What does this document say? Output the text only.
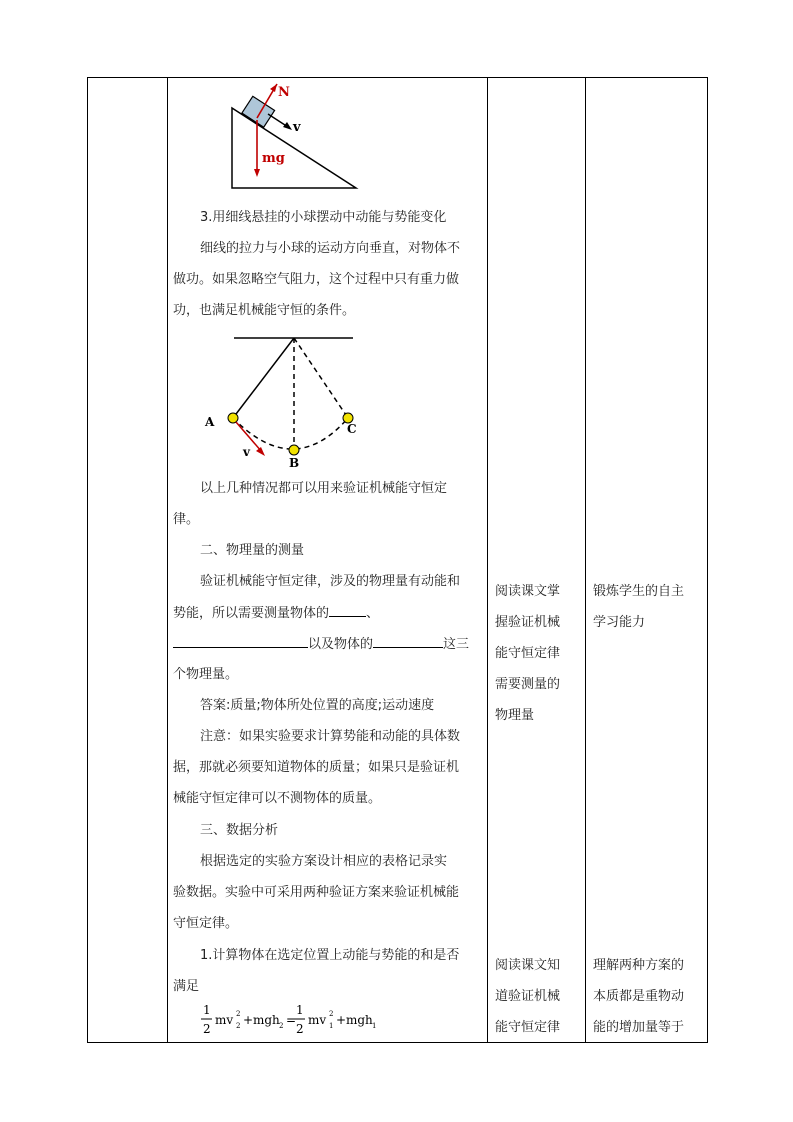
N
v
mg
3.用细线悬挂的小球摆动中动能与势能变化
细线的拉力与小球的运动方向垂直，对物体不
做功。如果忽略空气阻力，这个过程中只有重力做
功，也满足机械能守恒的条件。
A
B
C
v
以上几种情况都可以用来验证机械能守恒定
律。
二、物理量的测量
验证机械能守恒定律，涉及的物理量有动能和
势能，所以需要测量物体的	、
以及物体的	这三
个物理量。
答案:质量;物体所处位置的高度;运动速度
注意：如果实验要求计算势能和动能的具体数
据，那就必须要知道物体的质量；如果只是验证机
械能守恒定律可以不测物体的质量。
三、数据分析
根据选定的实验方案设计相应的表格记录实
验数据。实验中可采用两种验证方案来验证机械能
守恒定律。
1.计算物体在选定位置上动能与势能的和是否
满足
1
2
mv 2
2 + mgh 2 =
1
2
mv 2
1 + mgh 1
阅读课文掌
握验证机械
能守恒定律
需要测量的
物理量
阅读课文知
道验证机械
能守恒定律
锻炼学生的自主
学习能力
理解两种方案的
本质都是重物动
能的增加量等于
